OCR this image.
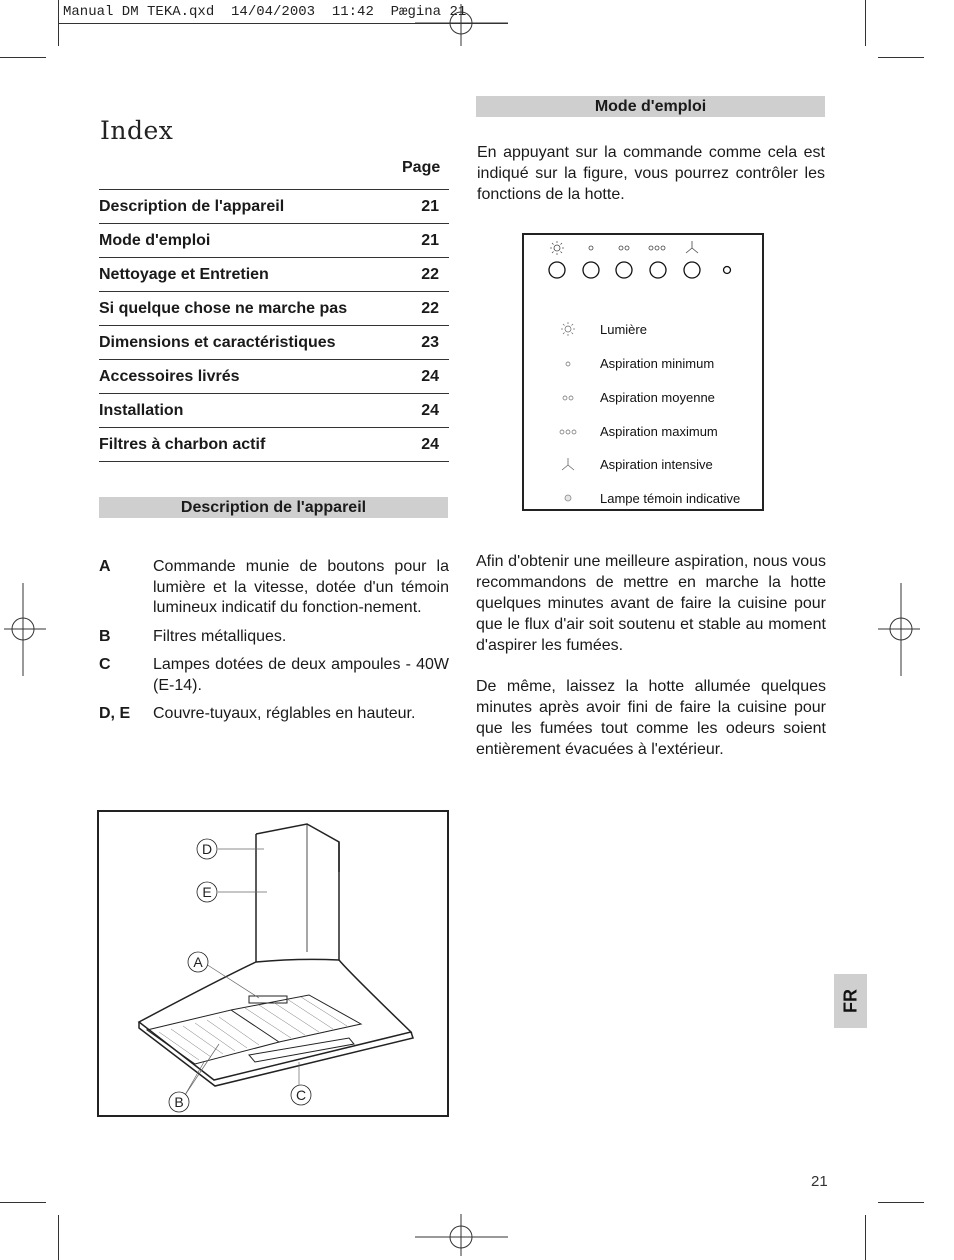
Manual DM TEKA.qxd  14/04/2003  11:42  Pægina 21
Index
Page
Description de l'appareil	21
Mode d'emploi	21
Nettoyage et Entretien	22
Si quelque chose ne marche pas	22
Dimensions et caractéristiques	23
Accessoires livrés	24
Installation	24
Filtres à charbon actif	24
Description de l'appareil
A	Commande munie de boutons pour la lumière et la vitesse, dotée d'un témoin lumineux indicatif du fonction-nement.
B	Filtres métalliques.
C	Lampes dotées de deux ampoules - 40W (E-14).
D, E	Couvre-tuyaux, réglables en hauteur.
D
E
A
B	C
Mode d'emploi
En appuyant sur la commande comme cela est indiqué sur la figure, vous pourrez contrôler les fonctions de la hotte.
Lumière
Aspiration minimum
Aspiration moyenne
Aspiration maximum
Aspiration intensive
Lampe témoin indicative
Afin d'obtenir une meilleure aspiration, nous vous recommandons de mettre en marche la hotte quelques minutes avant de faire la cuisine pour que le flux d'air soit soutenu et stable au moment d'aspirer les fumées.
De même, laissez la hotte allumée quelques minutes après avoir fini de faire la cuisine pour que les fumées tout comme les odeurs soient entièrement évacuées à l'extérieur.
FR
21
